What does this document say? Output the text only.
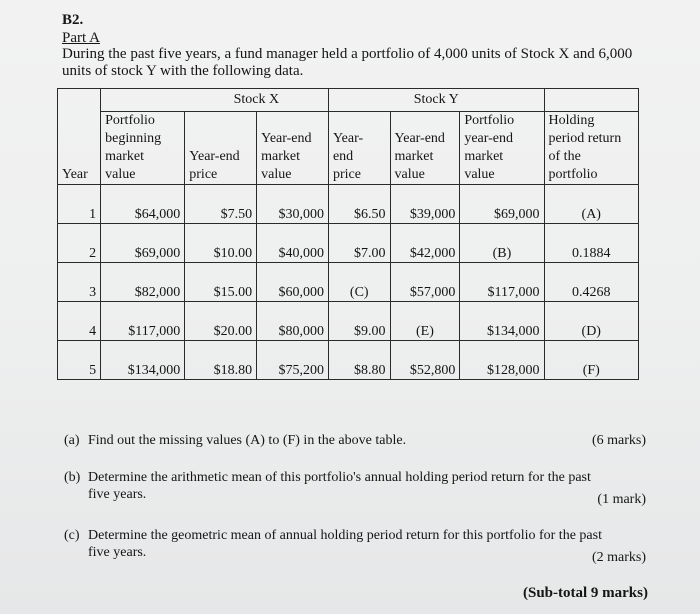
B2.
Part A
During the past five years, a fund manager held a portfolio of 4,000 units of Stock X and 6,000
units of stock Y with the following data.
		Stock X		Stock Y			
Year	Portfolio
beginning
market
value	Year-end
price	Year-end
market
value	Year-
end
price	Year-end
market
value	Portfolio
year-end
market
value	Holding
period return
of the
portfolio
1	$64,000	$7.50	$30,000	$6.50	$39,000	$69,000	(A)
2	$69,000	$10.00	$40,000	$7.00	$42,000	(B)	0.1884
3	$82,000	$15.00	$60,000	(C)	$57,000	$117,000	0.4268
4	$117,000	$20.00	$80,000	$9.00	(E)	$134,000	(D)
5	$134,000	$18.80	$75,200	$8.80	$52,800	$128,000	(F)
(a) Find out the missing values (A) to (F) in the above table.	(6 marks)
(b) Determine the arithmetic mean of this portfolio's annual holding period return for the past
five years.	(1 mark)
(c) Determine the geometric mean of annual holding period return for this portfolio for the past
five years.	(2 marks)
(Sub-total 9 marks)
